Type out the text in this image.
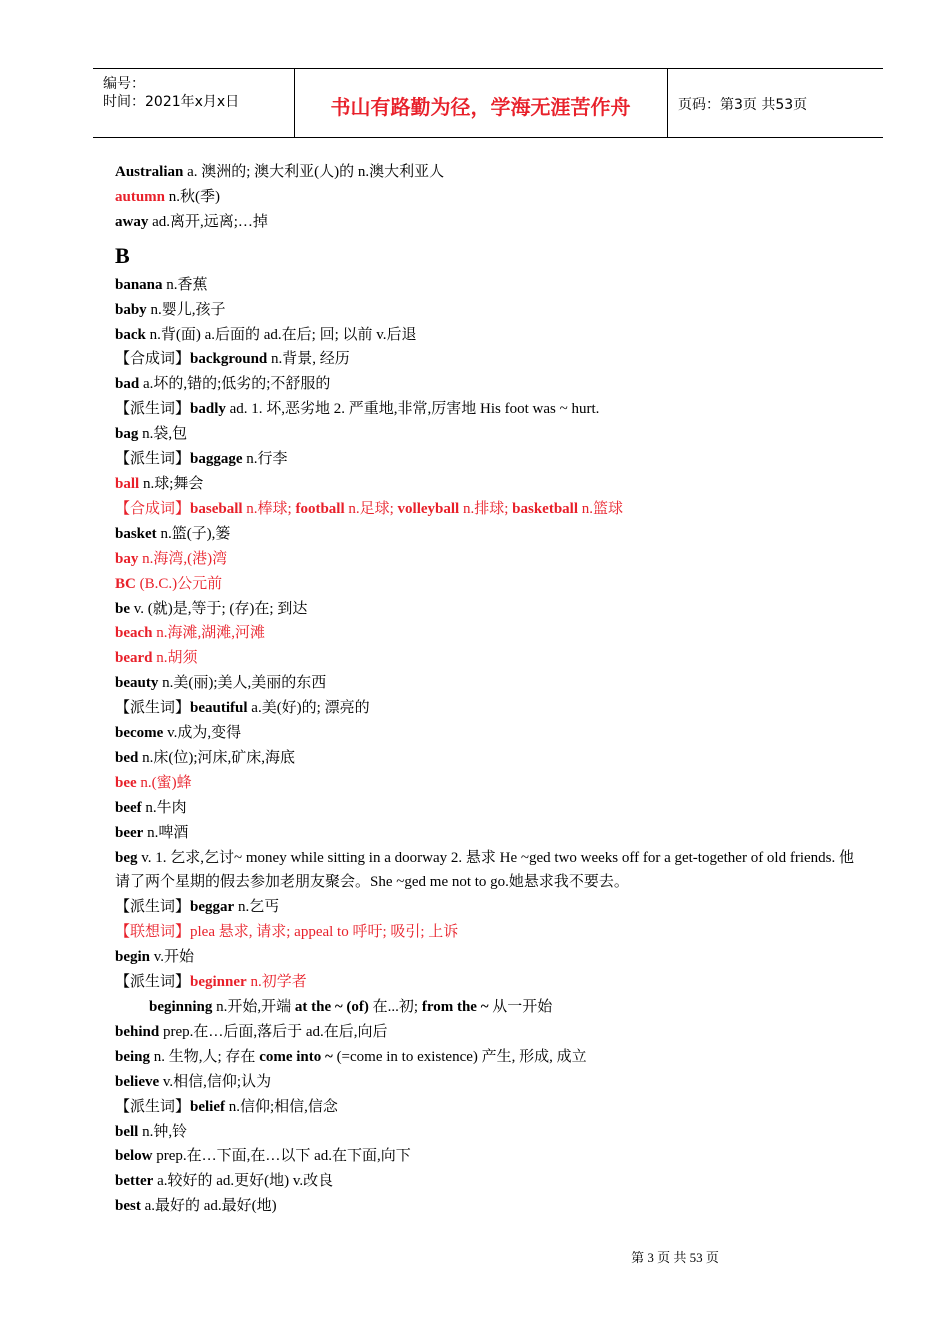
编号：
时间：2021年x月x日	书山有路勤为径，学海无涯苦作舟	页码：第3页 共53页
Australian a. 澳洲的; 澳大利亚(人)的 n.澳大利亚人
autumn n.秋(季)
away ad.离开,远离;…掉
B
banana n.香蕉
baby n.婴儿,孩子
back n.背(面) a.后面的 ad.在后; 回; 以前 v.后退
【合成词】background n.背景, 经历
bad a.坏的,错的;低劣的;不舒服的
【派生词】badly ad. 1. 坏,恶劣地 2. 严重地,非常,厉害地 His foot was ~ hurt.
bag n.袋,包
【派生词】baggage n.行李
ball n.球;舞会
【合成词】baseball n.棒球; football n.足球; volleyball n.排球; basketball n.篮球
basket n.篮(子),篓
bay n.海湾,(港)湾
BC (B.C.)公元前
be v. (就)是,等于; (存)在; 到达
beach n.海滩,湖滩,河滩
beard n.胡须
beauty n.美(丽);美人,美丽的东西
【派生词】beautiful a.美(好)的; 漂亮的
become v.成为,变得
bed n.床(位);河床,矿床,海底
bee n.(蜜)蜂
beef n.牛肉
beer n.啤酒
beg v. 1. 乞求,乞讨~ money while sitting in a doorway 2. 悬求 He ~ged two weeks off for a get-together of old friends. 他请了两个星期的假去参加老朋友聚会。She ~ged me not to go.她悬求我不要去。
【派生词】beggar n.乞丐
【联想词】plea 悬求, 请求; appeal to 呼吁; 吸引; 上诉
begin v.开始
【派生词】beginner n.初学者
beginning n.开始,开端 at the ~ (of) 在...初; from the ~ 从一开始
behind prep.在…后面,落后于 ad.在后,向后
being n. 生物,人; 存在 come into ~ (=come in to existence) 产生, 形成, 成立
believe v.相信,信仰;认为
【派生词】belief n.信仰;相信,信念
bell n.钟,铃
below prep.在…下面,在…以下 ad.在下面,向下
better a.较好的 ad.更好(地) v.改良
best a.最好的 ad.最好(地)
第 3 页 共 53 页
